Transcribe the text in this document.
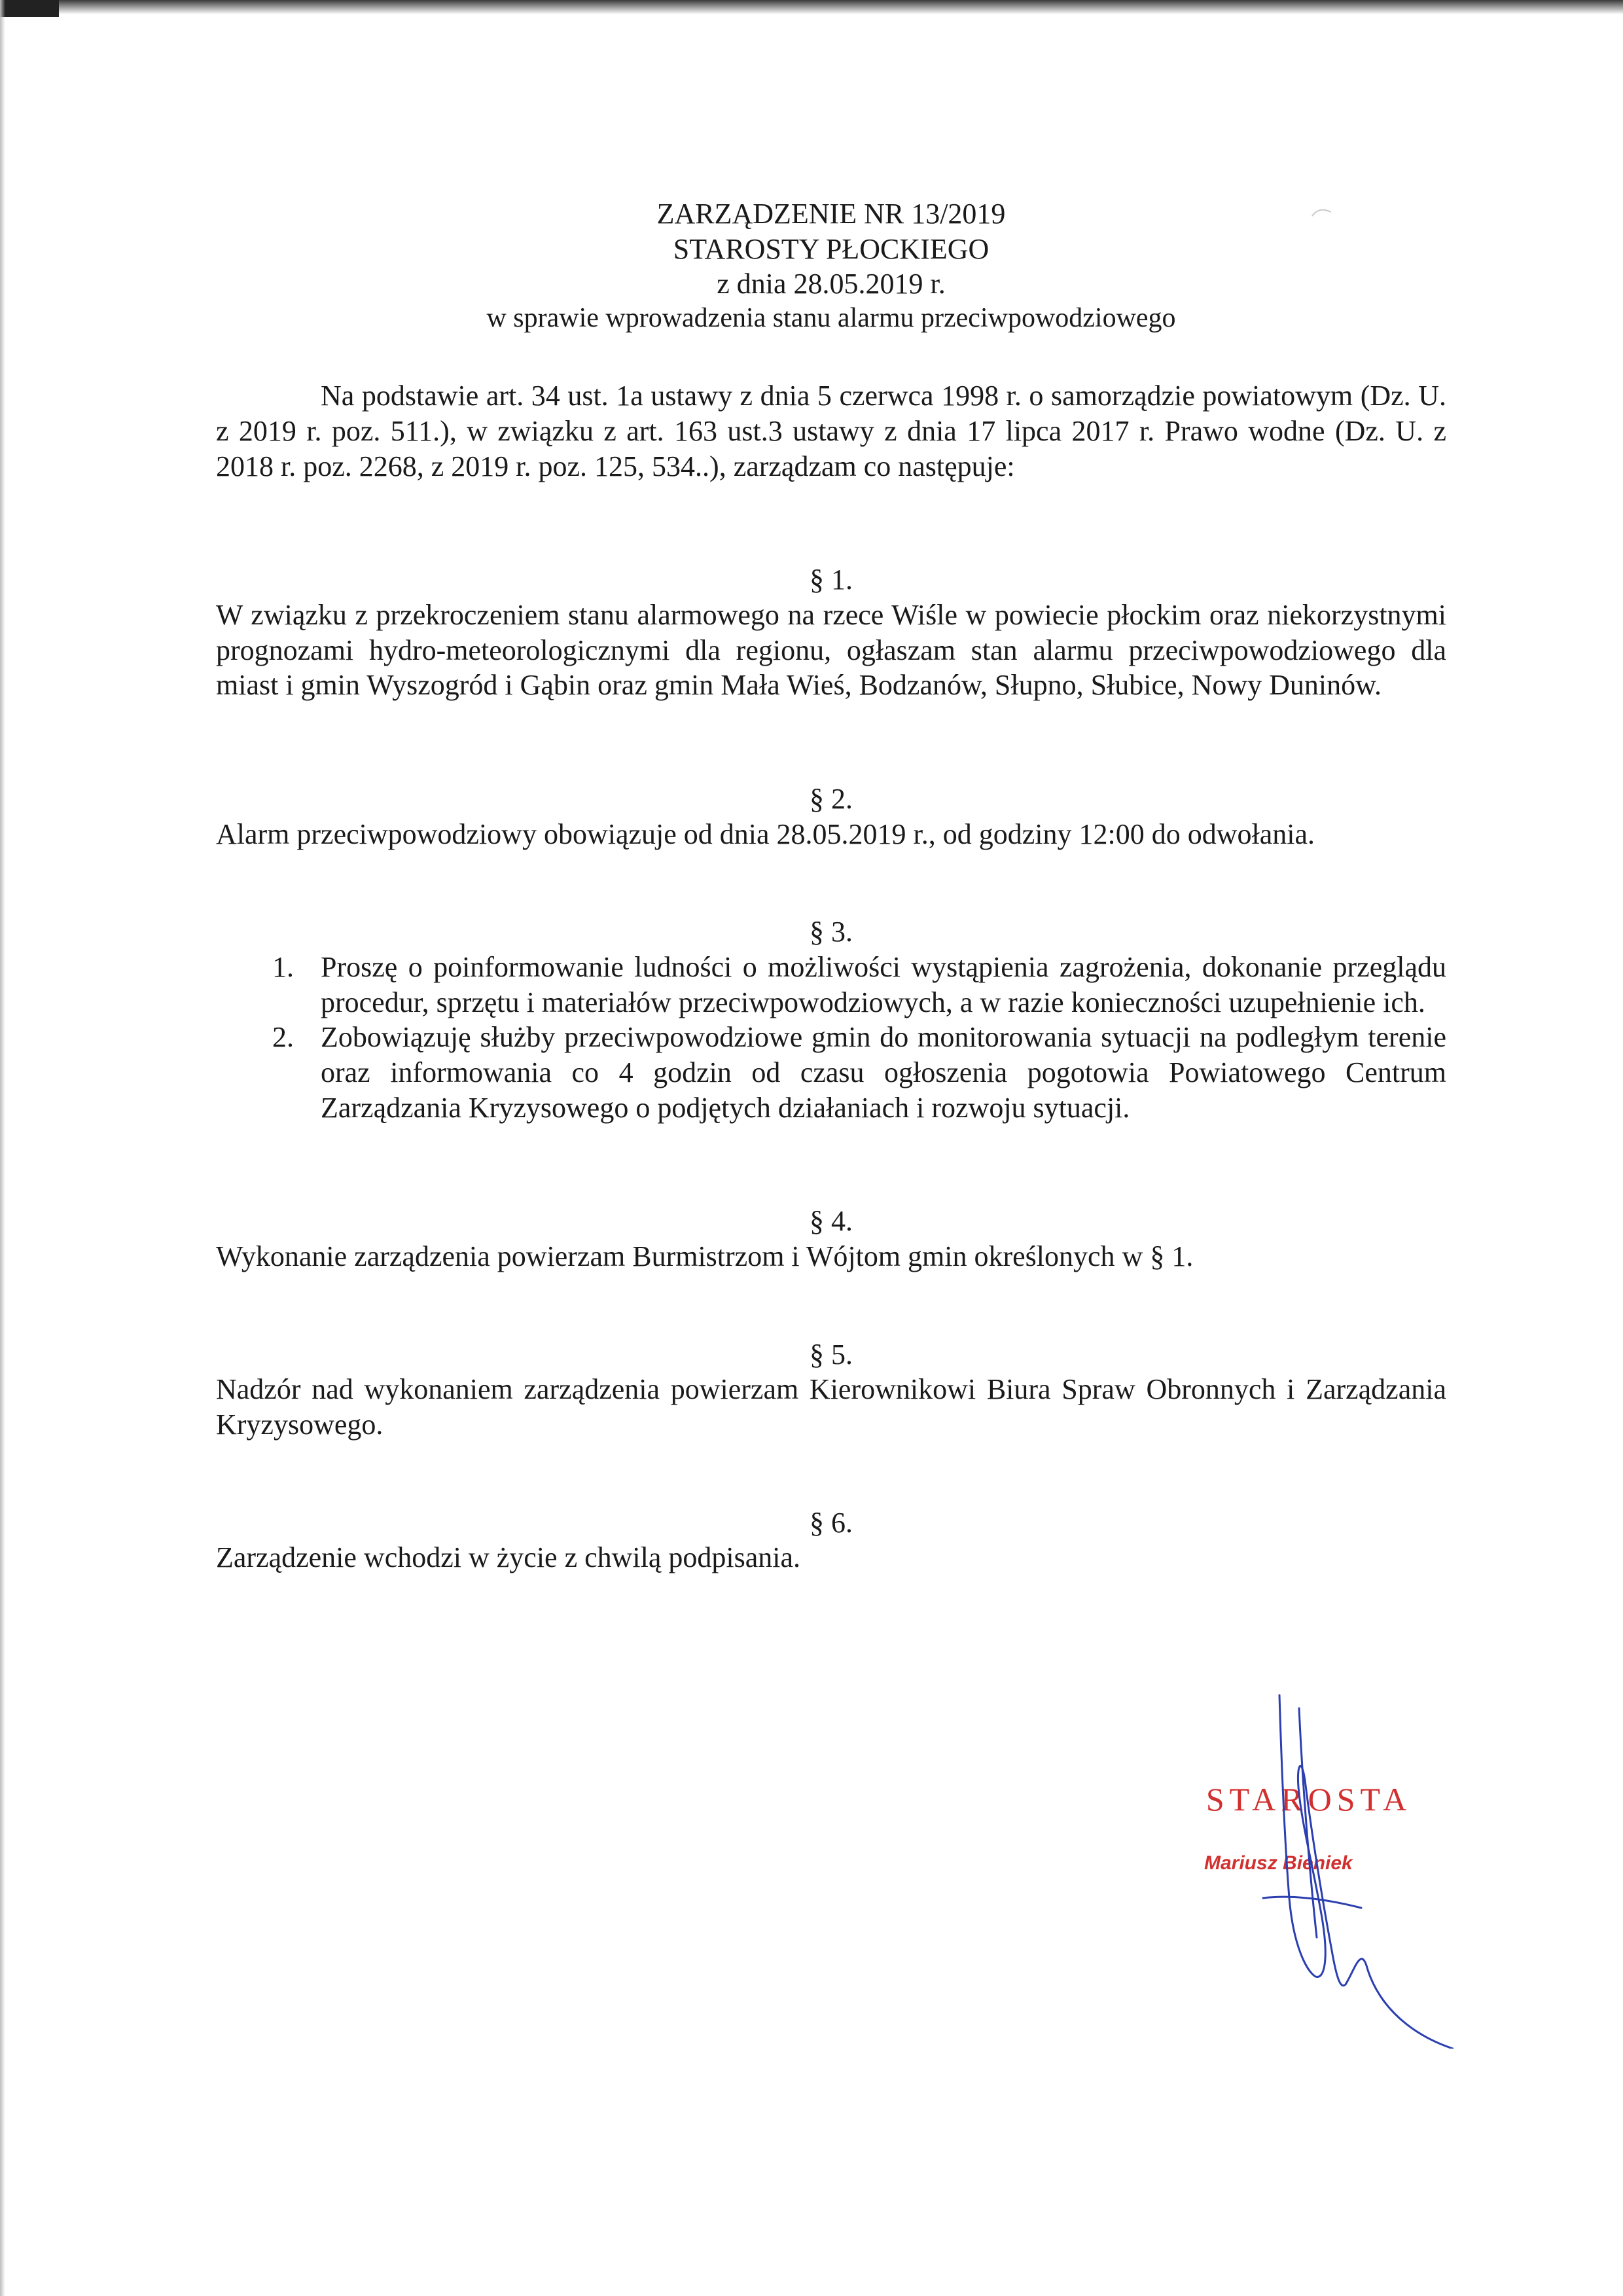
ZARZĄDZENIE NR 13/2019
STAROSTY PŁOCKIEGO
z dnia 28.05.2019 r.
w sprawie wprowadzenia stanu alarmu przeciwpowodziowego

Na podstawie art. 34 ust. 1a ustawy z dnia 5 czerwca 1998 r. o samorządzie powiatowym (Dz. U. z 2019 r. poz. 511.), w związku z art. 163 ust.3 ustawy z dnia 17 lipca 2017 r. Prawo wodne (Dz. U. z 2018 r. poz. 2268, z 2019 r. poz. 125, 534..), zarządzam co następuje:

§ 1.

W związku z przekroczeniem stanu alarmowego na rzece Wiśle w powiecie płockim oraz niekorzystnymi prognozami hydro-meteorologicznymi dla regionu, ogłaszam stan alarmu przeciwpowodziowego dla miast i gmin Wyszogród i Gąbin oraz gmin Mała Wieś, Bodzanów, Słupno, Słubice, Nowy Duninów.

§ 2.

Alarm przeciwpowodziowy obowiązuje od dnia 28.05.2019 r., od godziny 12:00 do odwołania.

§ 3.
1. Proszę o poinformowanie ludności o możliwości wystąpienia zagrożenia, dokonanie przeglądu procedur, sprzętu i materiałów przeciwpowodziowych, a w razie konieczności uzupełnienie ich.
2. Zobowiązuję służby przeciwpowodziowe gmin do monitorowania sytuacji na podległym terenie oraz informowania co 4 godzin od czasu ogłoszenia pogotowia Powiatowego Centrum Zarządzania Kryzysowego o podjętych działaniach i rozwoju sytuacji.
§ 4.

Wykonanie zarządzenia powierzam Burmistrzom i Wójtom gmin określonych w § 1.

§ 5.

Nadzór nad wykonaniem zarządzenia powierzam Kierownikowi Biura Spraw Obronnych i Zarządzania Kryzysowego.

§ 6.

Zarządzenie wchodzi w życie z chwilą podpisania.

STAROSTA
Mariusz Bieniek
